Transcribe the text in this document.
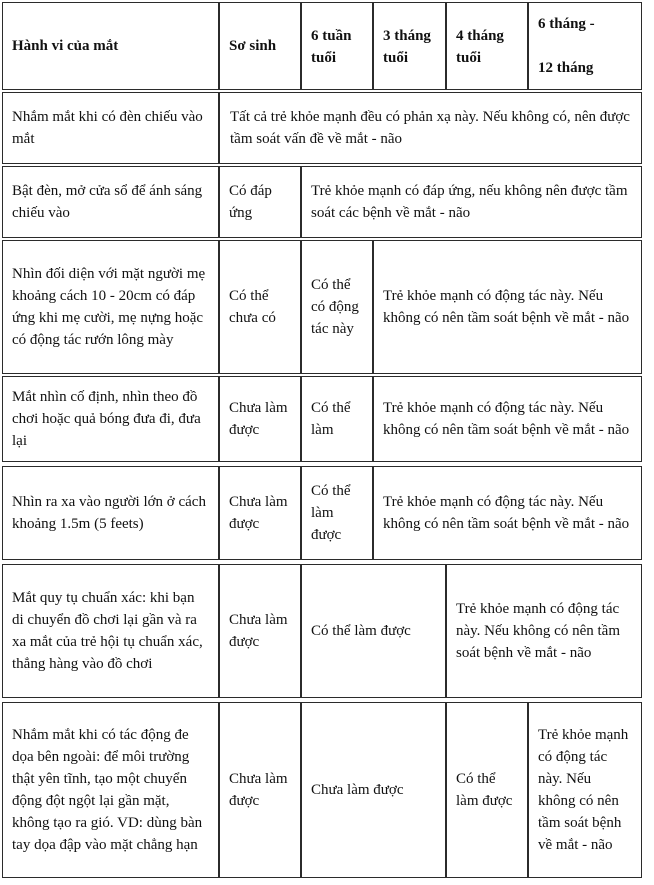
Hành vi của mắt	Sơ sinh
6 tuần tuổi
3 tháng tuổi
4 tháng tuổi
6 tháng -
12 tháng
Nhắm mắt khi có đèn chiếu vào mắt
Tất cả trẻ khỏe mạnh đều có phản xạ này. Nếu không có, nên được tầm soát vấn đề về mắt - não
Bật đèn, mở cửa sổ để ánh sáng chiếu vào
Có đáp ứng
Trẻ khỏe mạnh có đáp ứng, nếu không nên được tầm soát các bệnh về mắt - não
Nhìn đối diện với mặt người mẹ khoảng cách 10 - 20cm có đáp ứng khi mẹ cười, mẹ nựng hoặc có động tác rướn lông mày
Có thể chưa có
Có thể có động tác này
Trẻ khỏe mạnh có động tác này. Nếu không có nên tầm soát bệnh về mắt - não
Mắt nhìn cố định, nhìn theo đồ chơi hoặc quả bóng đưa đi, đưa lại
Chưa làm được
Có thể làm
Trẻ khỏe mạnh có động tác này. Nếu không có nên tầm soát bệnh về mắt - não
Nhìn ra xa vào người lớn ở cách khoảng 1.5m (5 feets)
Chưa làm được
Có thể làm được
Trẻ khỏe mạnh có động tác này. Nếu không có nên tầm soát bệnh về mắt - não
Mắt quy tụ chuẩn xác: khi bạn di chuyển đồ chơi lại gần và ra xa mắt của trẻ hội tụ chuẩn xác, thẳng hàng vào đồ chơi
Chưa làm được
Có thể làm được
Trẻ khỏe mạnh có động tác này. Nếu không có nên tầm soát bệnh về mắt - não
Nhắm mắt khi có tác động đe dọa bên ngoài: để môi trường thật yên tĩnh, tạo một chuyển động đột ngột lại gần mặt, không tạo ra gió. VD: dùng bàn tay dọa đập vào mặt chẳng hạn
Chưa làm được
Chưa làm được
Có thể làm được
Trẻ khỏe mạnh có động tác này. Nếu không có nên tầm soát bệnh về mắt - não
